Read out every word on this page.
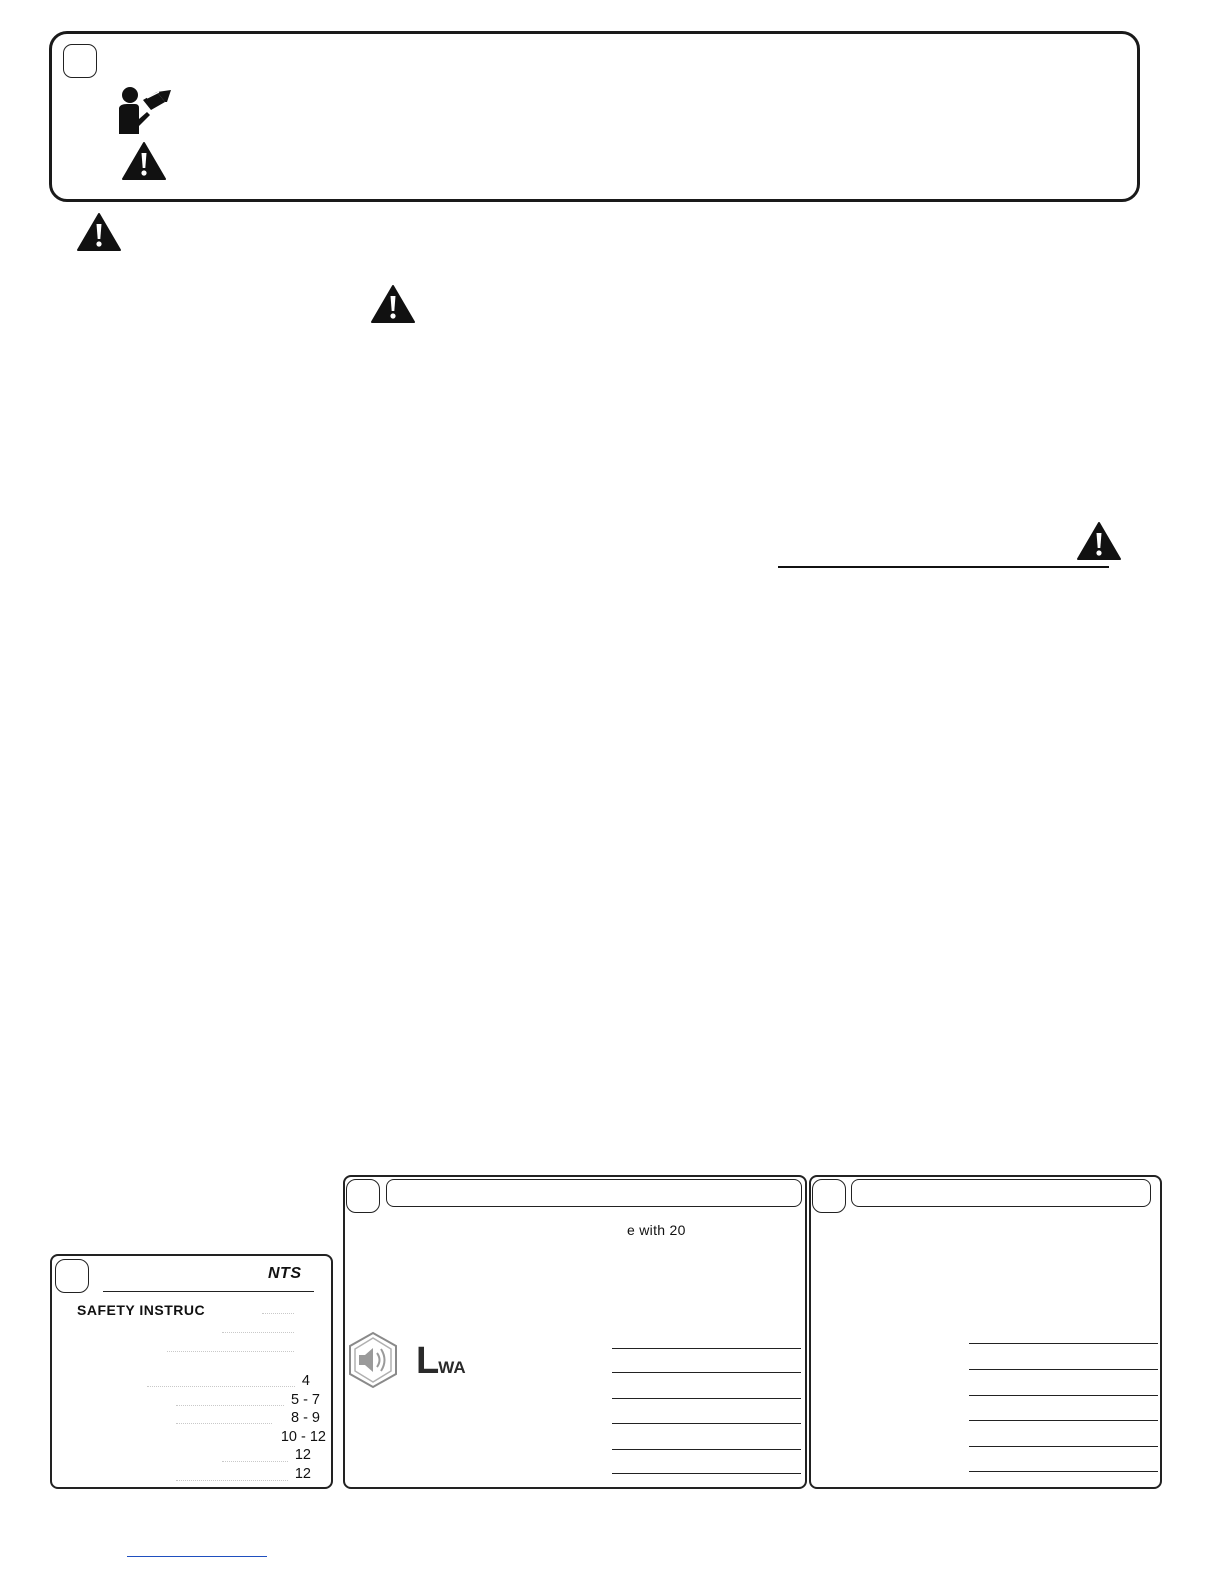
NTS
SAFETY INSTRUC
4
5 - 7
8 - 9
10 - 12
12
12
e with 20
LWA
